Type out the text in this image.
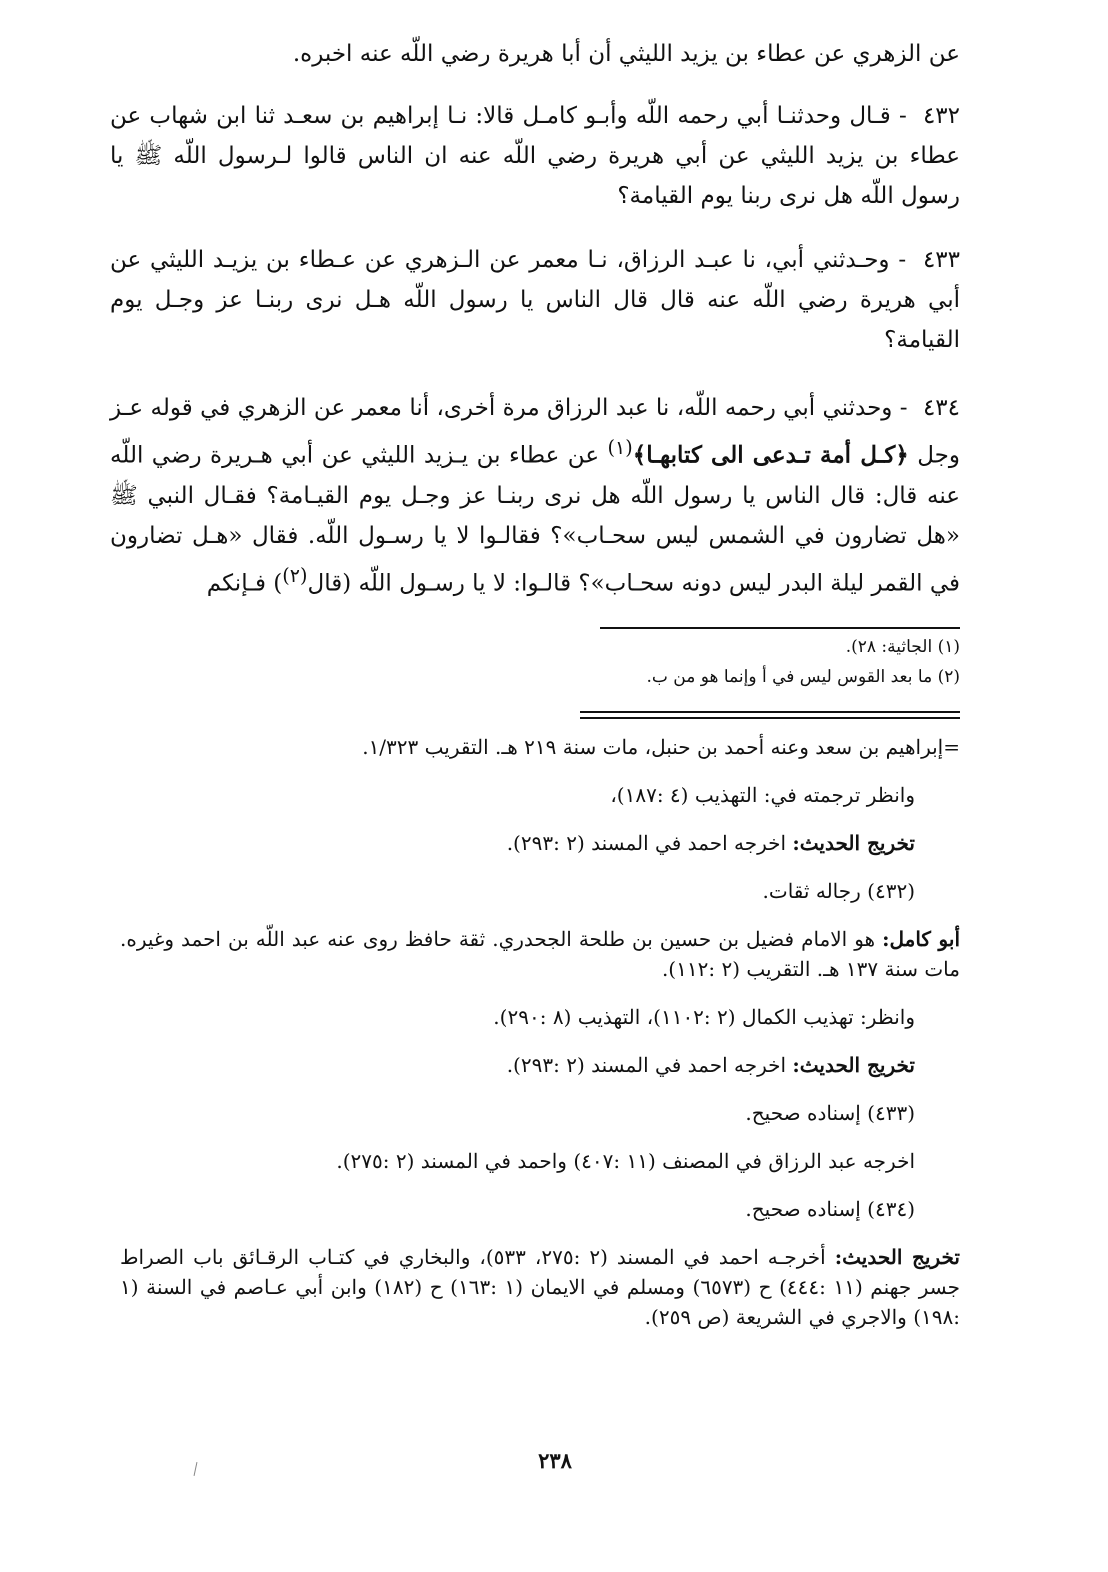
عن الزهري عن عطاء بن يزيد الليثي أن أبا هريرة رضي اللّه عنه اخبره.

٤٣٢ - قـال وحدثنـا أبي رحمه اللّه وأبـو كامـل قالا: نـا إبراهيم بن سعـد ثنا ابن شهاب عن عطاء بن يزيد الليثي عن أبي هريرة رضي اللّه عنه ان الناس قالوا لـرسول اللّه ﷺ يا رسول اللّه هل نرى ربنا يوم القيامة؟

٤٣٣ - وحـدثني أبي، نا عبـد الرزاق، نـا معمر عن الـزهري عن عـطاء بن يزيـد الليثي عن أبي هريرة رضي اللّه عنه قال قال الناس يا رسول اللّه هـل نرى ربنـا عز وجـل يوم القيامة؟

٤٣٤ - وحدثني أبي رحمه اللّه، نا عبد الرزاق مرة أخرى، أنا معمر عن الزهري في قوله عـز وجل ﴿كـل أمة تـدعى الى كتابهـا﴾$^{(١)}$ عن عطاء بن يـزيد الليثي عن أبي هـريرة رضي اللّه عنه قال: قال الناس يا رسول اللّه هل نرى ربنـا عز وجـل يوم القيـامة؟ فقـال النبي ﷺ «هل تضارون في الشمس ليس سحـاب»؟ فقالـوا لا يا رسـول اللّه. فقال «هـل تضارون في القمر ليلة البدر ليس دونه سحـاب»؟ قالـوا: لا يا رسـول اللّه (قال$^{(٢)}$) فـإنكم

(١) الجاثية: ٢٨).

(٢) ما بعد القوس ليس في أ وإنما هو من ب.

=إبراهيم بن سعد وعنه أحمد بن حنبل، مات سنة ٢١٩ هـ. التقريب ١/٣٢٣.

وانظر ترجمته في: التهذيب (٤ :١٨٧)،

تخريج الحديث: اخرجه احمد في المسند (٢ :٢٩٣).

(٤٣٢) رجاله ثقات.

أبو كامل: هو الامام فضيل بن حسين بن طلحة الجحدري. ثقة حافظ روى عنه عبد اللّه بن احمد وغيره. مات سنة ١٣٧ هـ. التقريب (٢ :١١٢).

وانظر: تهذيب الكمال (٢ :١١٠٢)، التهذيب (٨ :٢٩٠).

تخريج الحديث: اخرجه احمد في المسند (٢ :٢٩٣).

(٤٣٣) إسناده صحيح.

اخرجه عبد الرزاق في المصنف (١١ :٤٠٧) واحمد في المسند (٢ :٢٧٥).

(٤٣٤) إسناده صحيح.

تخريج الحديث: أخرجـه احمد في المسند (٢ :٢٧٥، ٥٣٣)، والبخاري في كتـاب الرقـائق باب الصراط جسر جهنم (١١ :٤٤٤) ح (٦٥٧٣) ومسلم في الايمان (١ :١٦٣) ح (١٨٢) وابن أبي عـاصم في السنة (١ :١٩٨) والاجري في الشريعة (ص ٢٥٩).

٢٣٨
